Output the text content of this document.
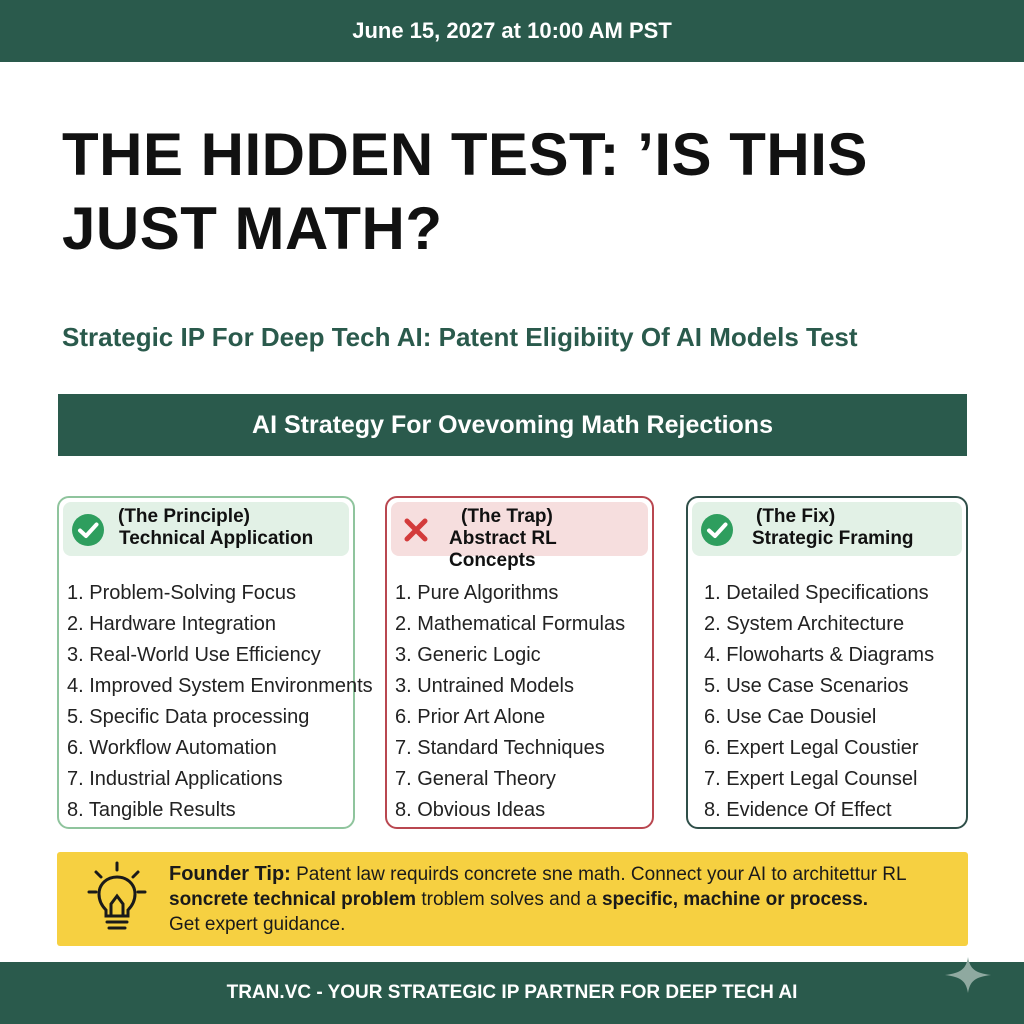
June 15, 2027 at 10:00 AM PST
THE HIDDEN TEST: ’IS THIS JUST MATH?
Strategic IP For Deep Tech AI: Patent Eligibiity Of AI Models Test
AI Strategy For Ovevoming Math Rejections
(The Principle)
Technical Application
1. Problem-Solving Focus
2. Hardware Integration
3. Real-World Use Efficiency
4. Improved System Environments
5. Specific Data processing
6. Workflow Automation
7. Industrial Applications
8. Tangible Results
(The Trap)
Abstract RL Concepts
1. Pure Algorithms
2. Mathematical Formulas
3. Generic Logic
3. Untrained Models
6. Prior Art Alone
7. Standard Techniques
7. General Theory
8. Obvious Ideas
(The Fix)
Strategic Framing
1. Detailed Specifications
2. System Architecture
4. Flowoharts & Diagrams
5. Use Case Scenarios
6. Use Cae Dousiel
6. Expert Legal Coustier
7. Expert Legal Counsel
8. Evidence Of Effect
Founder Tip: Patent law requirds concrete sne math. Connect your AI to architettur RL
soncrete technical problem troblem solves and a specific, machine or process.
Get expert guidance.
TRAN.VC - YOUR STRATEGIC IP PARTNER FOR DEEP TECH AI
